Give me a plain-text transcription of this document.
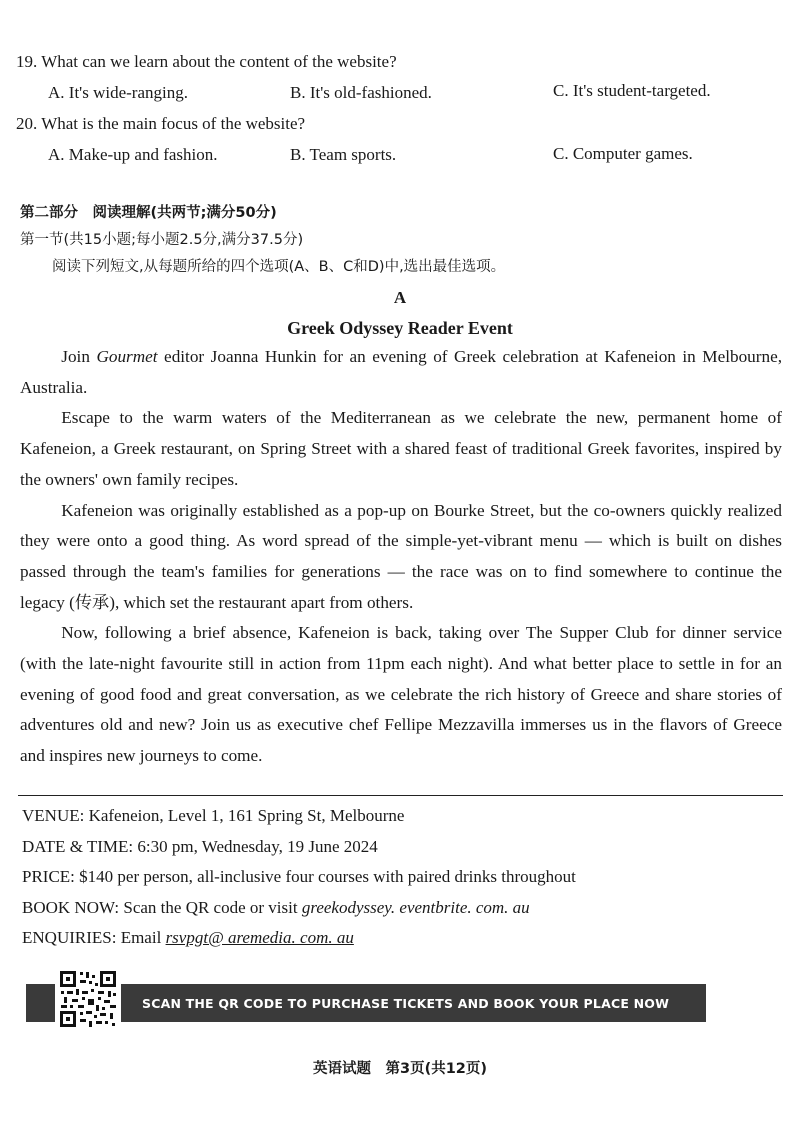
19. What can we learn about the content of the website?
A. It's wide-ranging.	B. It's old-fashioned.	C. It's student-targeted.
20. What is the main focus of the website?
A. Make-up and fashion.	B. Team sports.	C. Computer games.
第二部分　阅读理解(共两节;满分50分)
第一节(共15小题;每小题2.5分,满分37.5分)
阅读下列短文,从每题所给的四个选项(A、B、C和D)中,选出最佳选项。
A
Greek Odyssey Reader Event

Join Gourmet editor Joanna Hunkin for an evening of Greek celebration at Kafeneion in Melbourne, Australia.

Escape to the warm waters of the Mediterranean as we celebrate the new, permanent home of Kafeneion, a Greek restaurant, on Spring Street with a shared feast of traditional Greek favorites, inspired by the owners' own family recipes.

Kafeneion was originally established as a pop-up on Bourke Street, but the co-owners quickly realized they were onto a good thing. As word spread of the simple-yet-vibrant menu — which is built on dishes passed through the team's families for generations — the race was on to find somewhere to continue the legacy (传承), which set the restaurant apart from others.

Now, following a brief absence, Kafeneion is back, taking over The Supper Club for dinner service (with the late-night favourite still in action from 11pm each night). And what better place to settle in for an evening of good food and great conversation, as we celebrate the rich history of Greece and share stories of adventures old and new? Join us as executive chef Fellipe Mezzavilla immerses us in the flavors of Greece and inspires new journeys to come.

VENUE: Kafeneion, Level 1, 161 Spring St, Melbourne
DATE & TIME: 6:30 pm, Wednesday, 19 June 2024
PRICE: $140 per person, all-inclusive four courses with paired drinks throughout
BOOK NOW: Scan the QR code or visit greekodyssey. eventbrite. com. au
ENQUIRIES: Email rsvpgt@ aremedia. com. au
SCAN THE QR CODE TO PURCHASE TICKETS AND BOOK YOUR PLACE NOW
英语试题　第3页(共12页)
